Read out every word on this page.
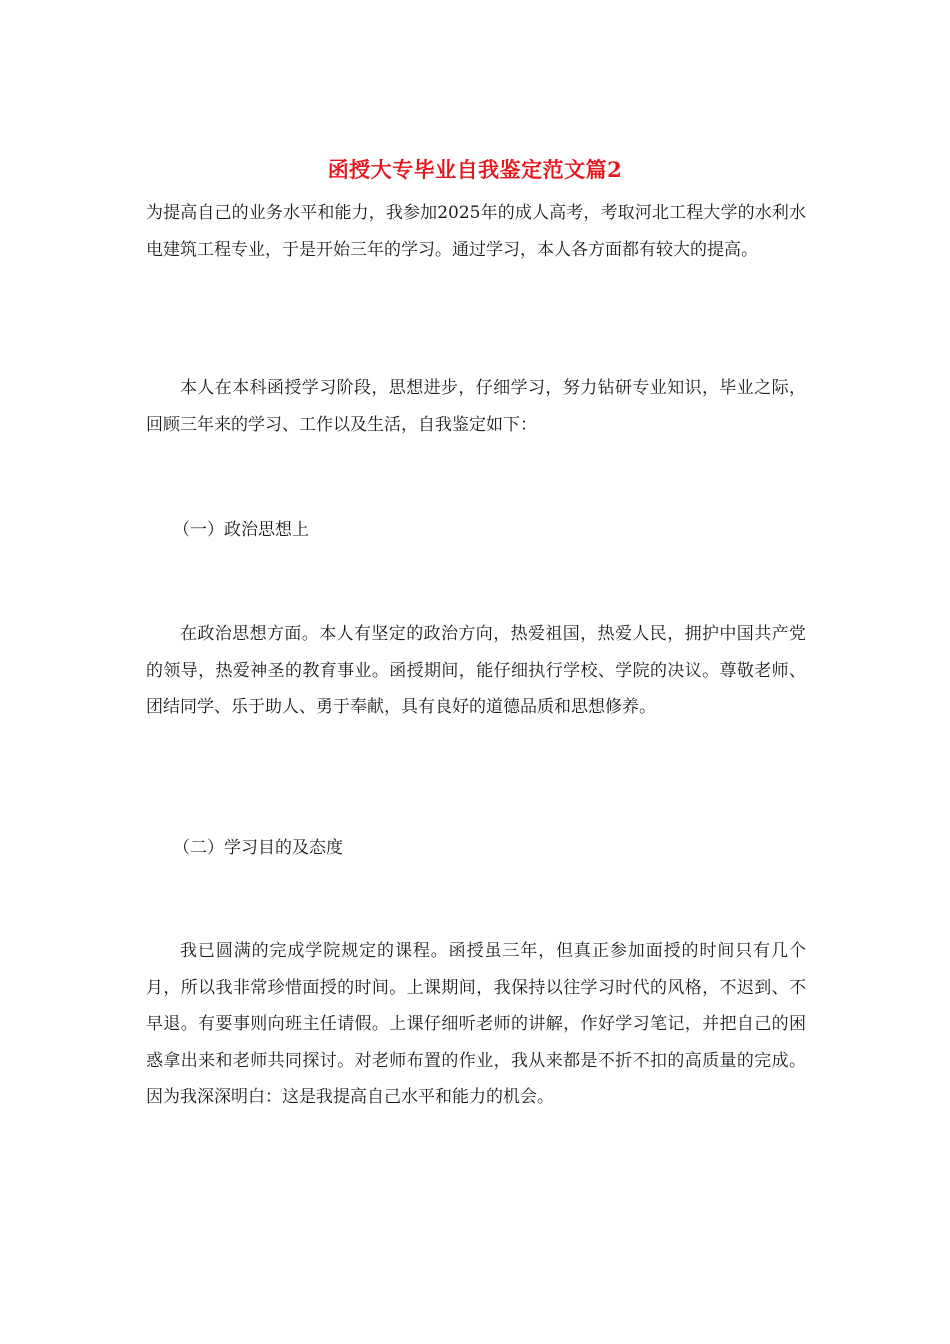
函授大专毕业自我鉴定范文篇2

为提高自己的业务水平和能力，我参加2025年的成人高考，考取河北工程大学的水利水电建筑工程专业，于是开始三年的学习。通过学习，本人各方面都有较大的提高。

本人在本科函授学习阶段，思想进步，仔细学习，努力钻研专业知识，毕业之际，回顾三年来的学习、工作以及生活，自我鉴定如下：

（一）政治思想上

在政治思想方面。本人有坚定的政治方向，热爱祖国，热爱人民，拥护中国共产党的领导，热爱神圣的教育事业。函授期间，能仔细执行学校、学院的决议。尊敬老师、团结同学、乐于助人、勇于奉献，具有良好的道德品质和思想修养。

（二）学习目的及态度

我已圆满的完成学院规定的课程。函授虽三年，但真正参加面授的时间只有几个月，所以我非常珍惜面授的时间。上课期间，我保持以往学习时代的风格，不迟到、不早退。有要事则向班主任请假。上课仔细听老师的讲解，作好学习笔记，并把自己的困惑拿出来和老师共同探讨。对老师布置的作业，我从来都是不折不扣的高质量的完成。因为我深深明白：这是我提高自己水平和能力的机会。
